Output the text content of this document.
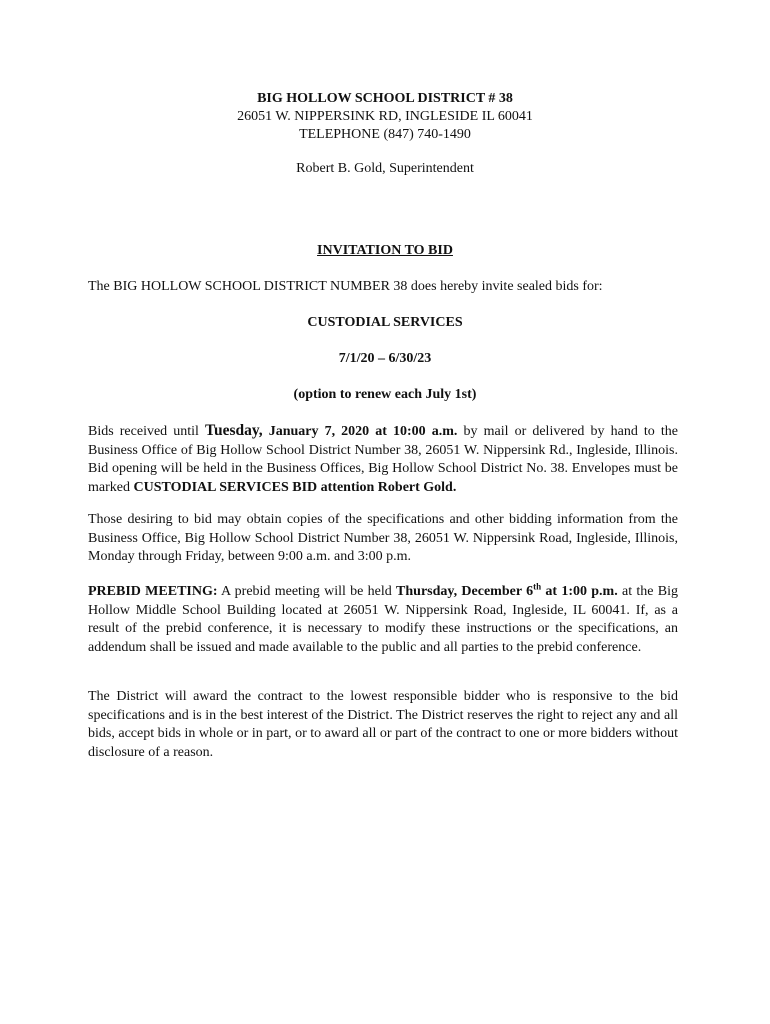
BIG HOLLOW SCHOOL DISTRICT # 38
26051 W. NIPPERSINK RD, INGLESIDE IL 60041
TELEPHONE (847) 740-1490
Robert B. Gold, Superintendent
INVITATION TO BID
The BIG HOLLOW SCHOOL DISTRICT NUMBER 38 does hereby invite sealed bids for:
CUSTODIAL SERVICES
7/1/20 – 6/30/23
(option to renew each July 1st)
Bids received until Tuesday, January 7, 2020 at 10:00 a.m. by mail or delivered by hand to the Business Office of Big Hollow School District Number 38, 26051 W. Nippersink Rd., Ingleside, Illinois. Bid opening will be held in the Business Offices, Big Hollow School District No. 38. Envelopes must be marked CUSTODIAL SERVICES BID attention Robert Gold.
Those desiring to bid may obtain copies of the specifications and other bidding information from the Business Office, Big Hollow School District Number 38, 26051 W. Nippersink Road, Ingleside, Illinois, Monday through Friday, between 9:00 a.m. and 3:00 p.m.
PREBID MEETING: A prebid meeting will be held Thursday, December 6th at 1:00 p.m. at the Big Hollow Middle School Building located at 26051 W. Nippersink Road, Ingleside, IL 60041. If, as a result of the prebid conference, it is necessary to modify these instructions or the specifications, an addendum shall be issued and made available to the public and all parties to the prebid conference.
The District will award the contract to the lowest responsible bidder who is responsive to the bid specifications and is in the best interest of the District. The District reserves the right to reject any and all bids, accept bids in whole or in part, or to award all or part of the contract to one or more bidders without disclosure of a reason.
